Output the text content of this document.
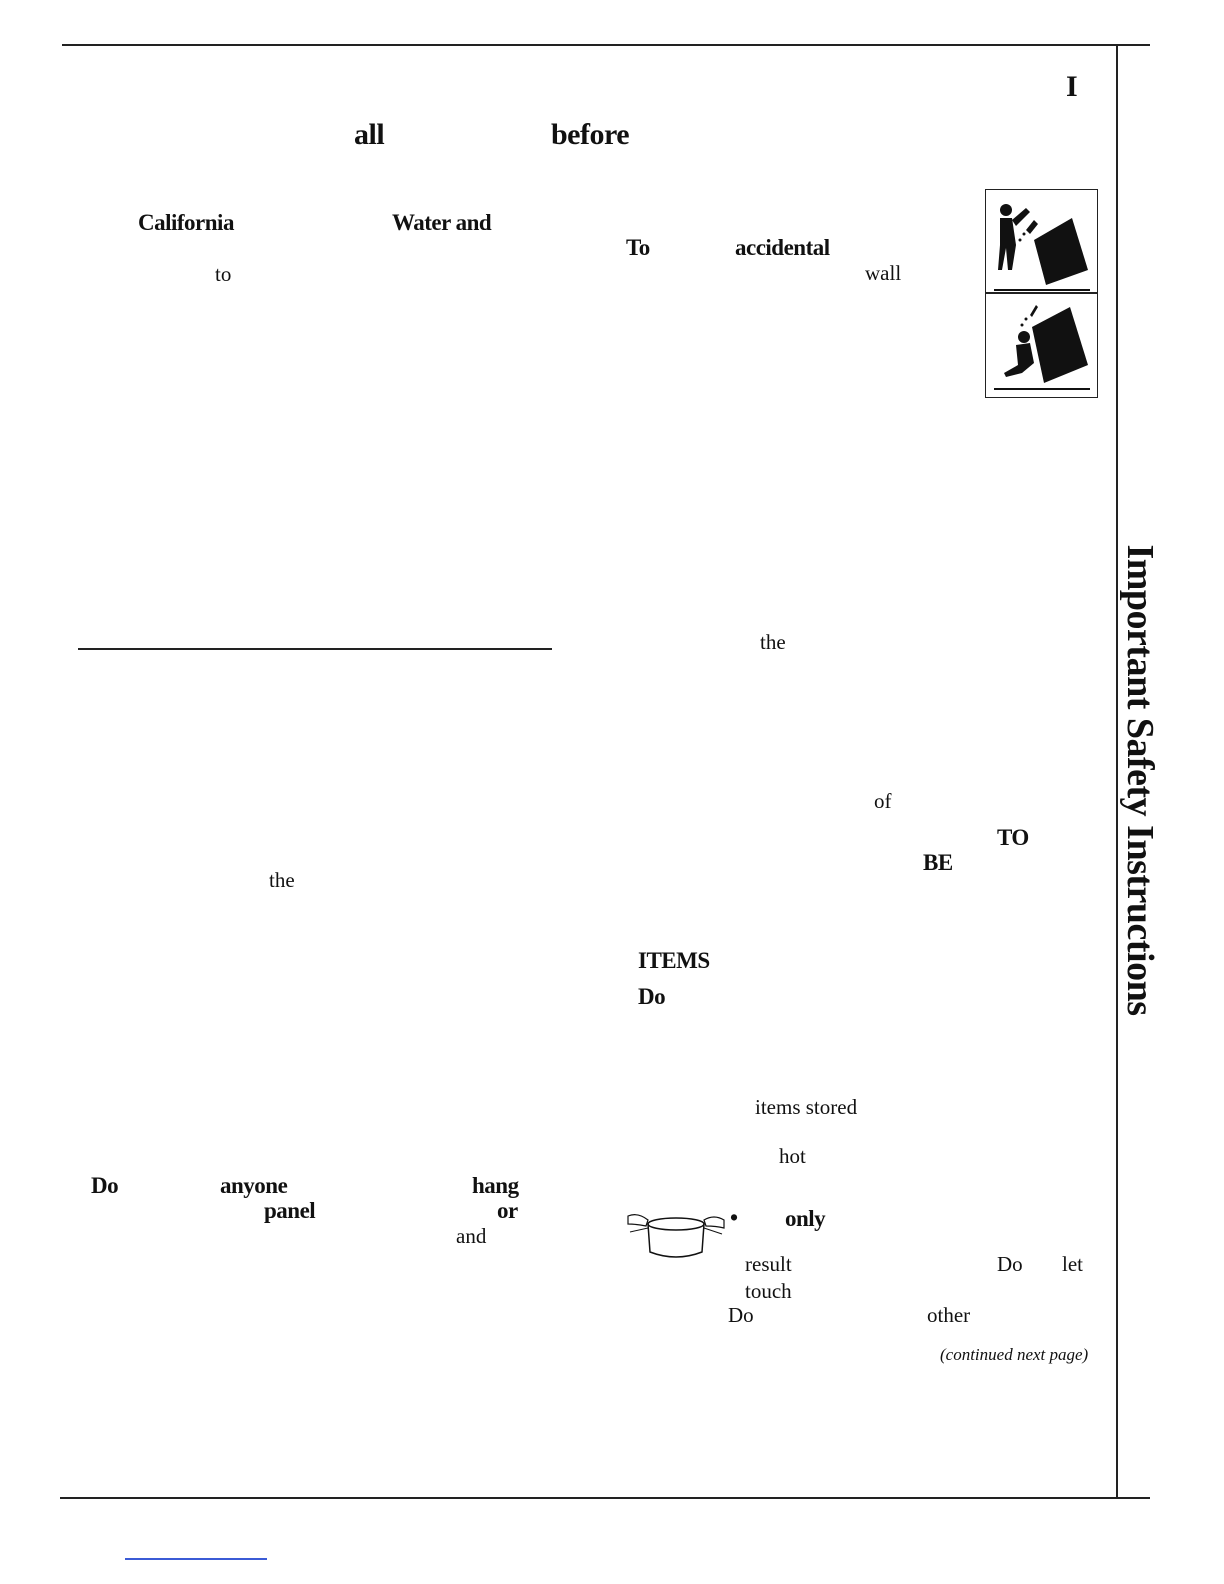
I
all	before
California	Water and
to
the
Do	anyone	hang
panel	or
and
To	accidental
wall
the
of
TO
BE
ITEMS
Do
items stored
hot
• only
result	Do let
touch
Do	other
(continued next page)
Important Safety Instructions
